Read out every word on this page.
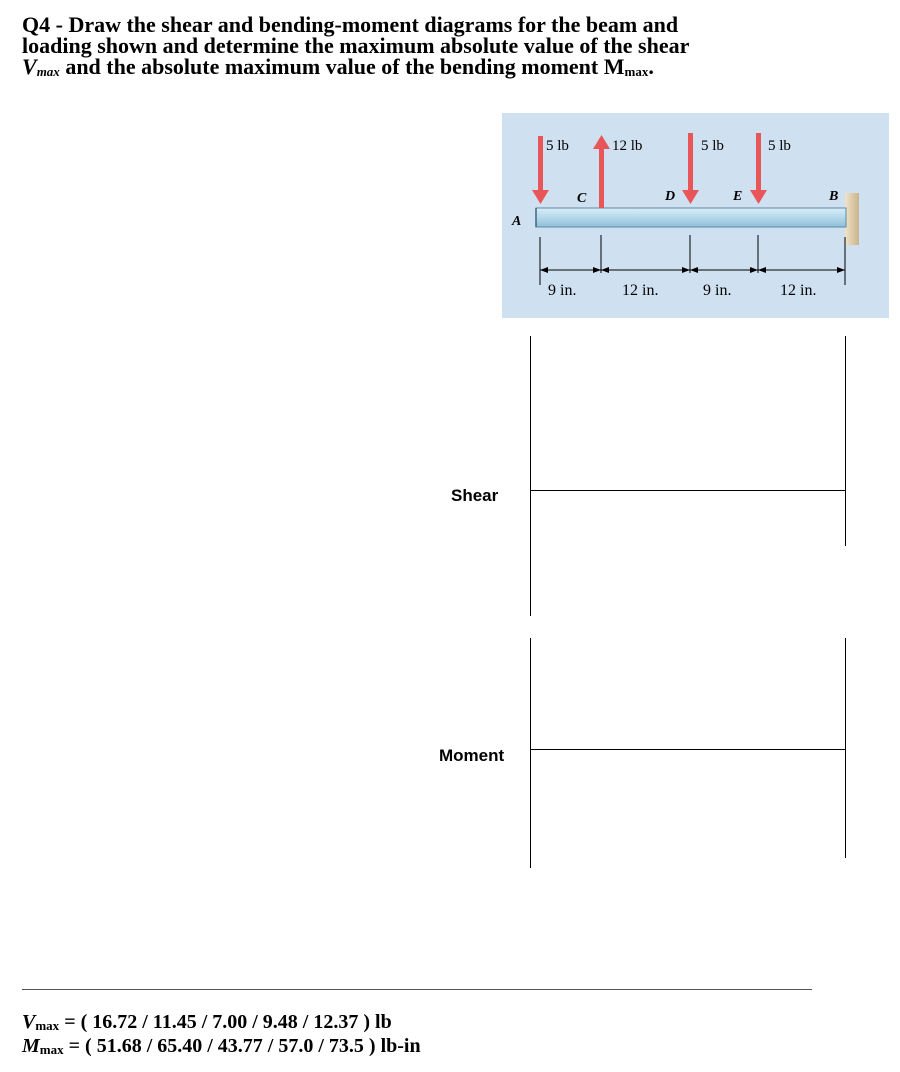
Q4 - Draw the shear and bending-moment diagrams for the beam and
loading shown and determine the maximum absolute value of the shear
$V_{max}$ and the absolute maximum value of the bending moment $M_{max}$.
5 lb	12 lb	5 lb	5 lb
A
C	D	E	B
9 in.	12 in.	9 in.	12 in.
Shear
Moment
$V_{max}$ = ( 16.72 / 11.45 / 7.00 / 9.48 / 12.37 ) lb
$M_{max}$ = ( 51.68 / 65.40 / 43.77 / 57.0 / 73.5 ) lb-in
